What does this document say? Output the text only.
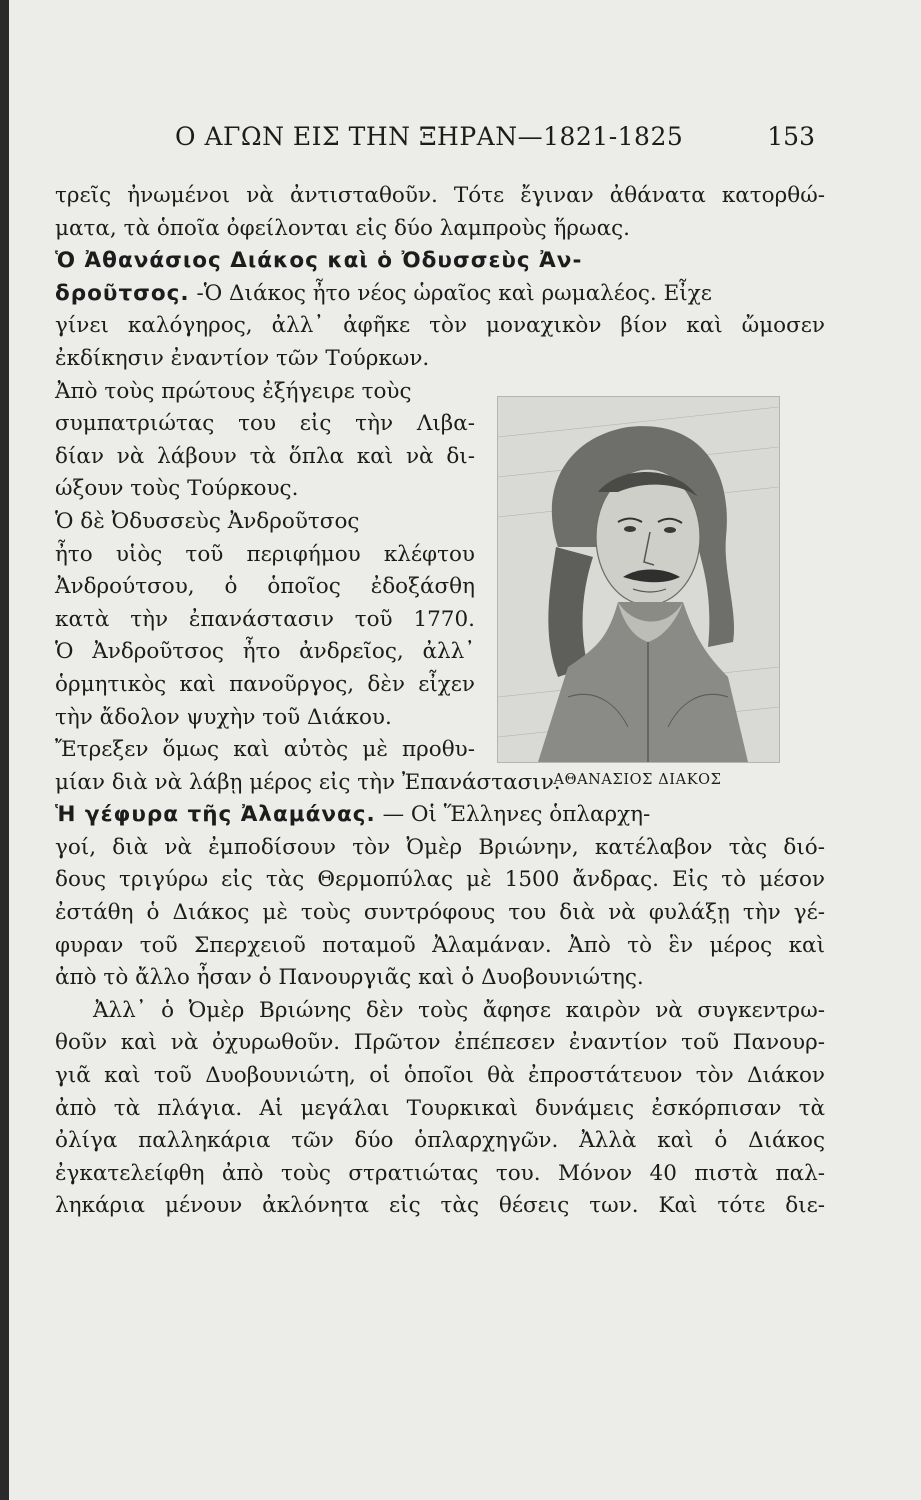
Ο ΑΓΩΝ ΕΙΣ ΤΗΝ ΞΗΡΑΝ—1821-1825	153
τρεῖς ἠνωμένοι νὰ ἀντισταθοῦν. Τότε ἔγιναν ἀθάνατα κατορθώ-
ματα, τὰ ὁποῖα ὀφείλονται εἰς δύο λαμπροὺς ἥρωας.
Ὁ Ἀθανάσιος Διάκος καὶ ὁ Ὀδυσσεὺς Ἀν-
δροῦτσος. -Ὁ Διάκος ἦτο νέος ὡραῖος καὶ ρωμαλέος. Εἶχε
γίνει καλόγηρος, ἀλλ᾽ ἀφῆκε τὸν μοναχικὸν βίον καὶ ὤμοσεν
ἐκδίκησιν ἐναντίον τῶν Τούρκων.
Ἀπὸ τοὺς πρώτους ἐξήγειρε τοὺς
συμπατριώτας του εἰς τὴν Λιβα-
δίαν νὰ λάβουν τὰ ὅπλα καὶ νὰ δι-
ώξουν τοὺς Τούρκους.
Ὁ δὲ Ὀδυσσεὺς Ἀνδροῦτσος
ἦτο υἱὸς τοῦ περιφήμου κλέφτου
Ἀνδρούτσου, ὁ ὁποῖος ἐδοξάσθη
κατὰ τὴν ἐπανάστασιν τοῦ 1770.
Ὁ Ἀνδροῦτσος ἦτο ἀνδρεῖος, ἀλλ᾽
ὁρμητικὸς καὶ πανοῦργος, δὲν εἶχεν
τὴν ἄδολον ψυχὴν τοῦ Διάκου.
Ἔτρεξεν ὅμως καὶ αὐτὸς μὲ προθυ-
μίαν διὰ νὰ λάβῃ μέρος εἰς τὴν Ἐπανάστασιν.
Ἡ γέφυρα τῆς Ἀλαμάνας. — Οἱ Ἕλληνες ὁπλαρχη-
γοί, διὰ νὰ ἐμποδίσουν τὸν Ὀμὲρ Βριώνην, κατέλαβον τὰς διό-
δους τριγύρω εἰς τὰς Θερμοπύλας μὲ 1500 ἄνδρας. Εἰς τὸ μέσον
ἐστάθη ὁ Διάκος μὲ τοὺς συντρόφους του διὰ νὰ φυλάξῃ τὴν γέ-
φυραν τοῦ Σπερχειοῦ ποταμοῦ Ἀλαμάναν. Ἀπὸ τὸ ἓν μέρος καὶ
ἀπὸ τὸ ἄλλο ἦσαν ὁ Πανουργιᾶς καὶ ὁ Δυοβουνιώτης.
Ἀλλ᾽ ὁ Ὀμὲρ Βριώνης δὲν τοὺς ἄφησε καιρὸν νὰ συγκεντρω-
θοῦν καὶ νὰ ὀχυρωθοῦν. Πρῶτον ἐπέπεσεν ἐναντίον τοῦ Πανουρ-
γιᾶ καὶ τοῦ Δυοβουνιώτη, οἱ ὁποῖοι θὰ ἐπροστάτευον τὸν Διάκον
ἀπὸ τὰ πλάγια. Αἱ μεγάλαι Τουρκικαὶ δυνάμεις ἐσκόρπισαν τὰ
ὀλίγα παλληκάρια τῶν δύο ὁπλαρχηγῶν. Ἀλλὰ καὶ ὁ Διάκος
ἐγκατελείφθη ἀπὸ τοὺς στρατιώτας του. Μόνον 40 πιστὰ παλ-
ληκάρια μένουν ἀκλόνητα εἰς τὰς θέσεις των. Καὶ τότε διε-
ΑΘΑΝΑΣΙΟΣ ΔΙΑΚΟΣ
